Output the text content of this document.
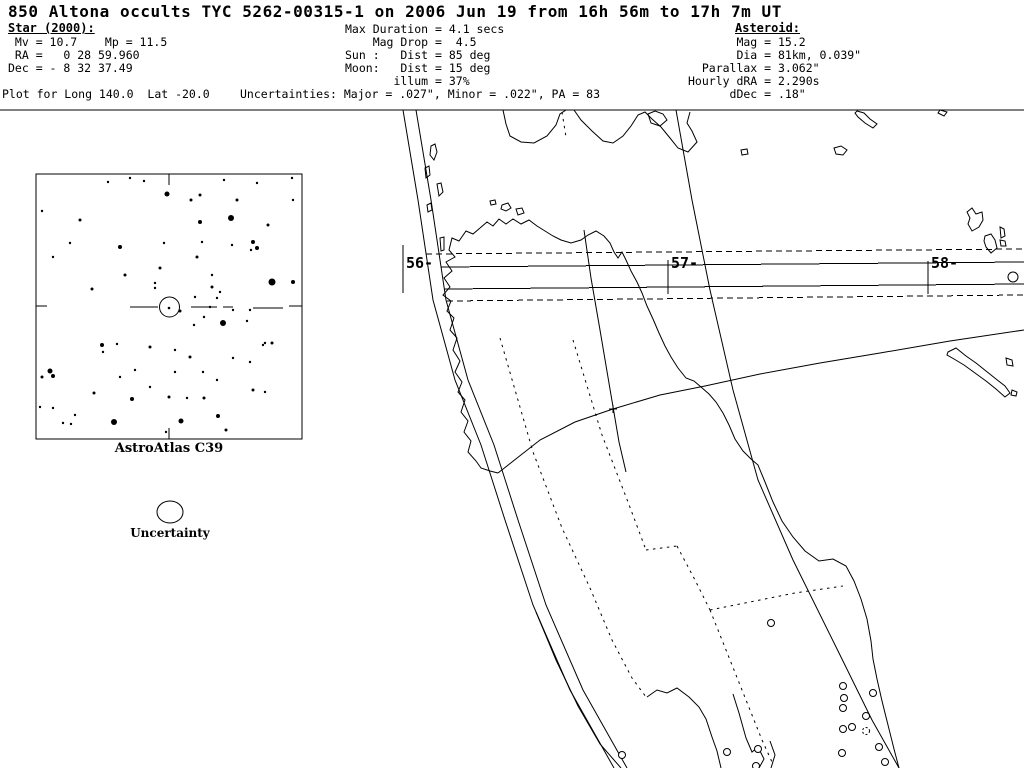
850 Altona occults TYC 5262-00315-1 on 2006 Jun 19 from 16h 56m to 17h 7m UT
Star (2000):
Mv = 10.7    Mp = 11.5
RA =   0 28 59.960
Dec = - 8 32 37.49
Plot for Long 140.0  Lat -20.0
Max Duration = 4.1 secs
Mag Drop =  4.5
Sun :   Dist = 85 deg
Moon:   Dist = 15 deg
illum = 37%
Uncertainties: Major = .027", Minor = .022", PA = 83
Asteroid:
Mag = 15.2
Dia = 81km, 0.039"
Parallax = 3.062"
Hourly dRA = 2.290s
dDec = .18"
AstroAtlas C39
Uncertainty
56-	57-	58-
